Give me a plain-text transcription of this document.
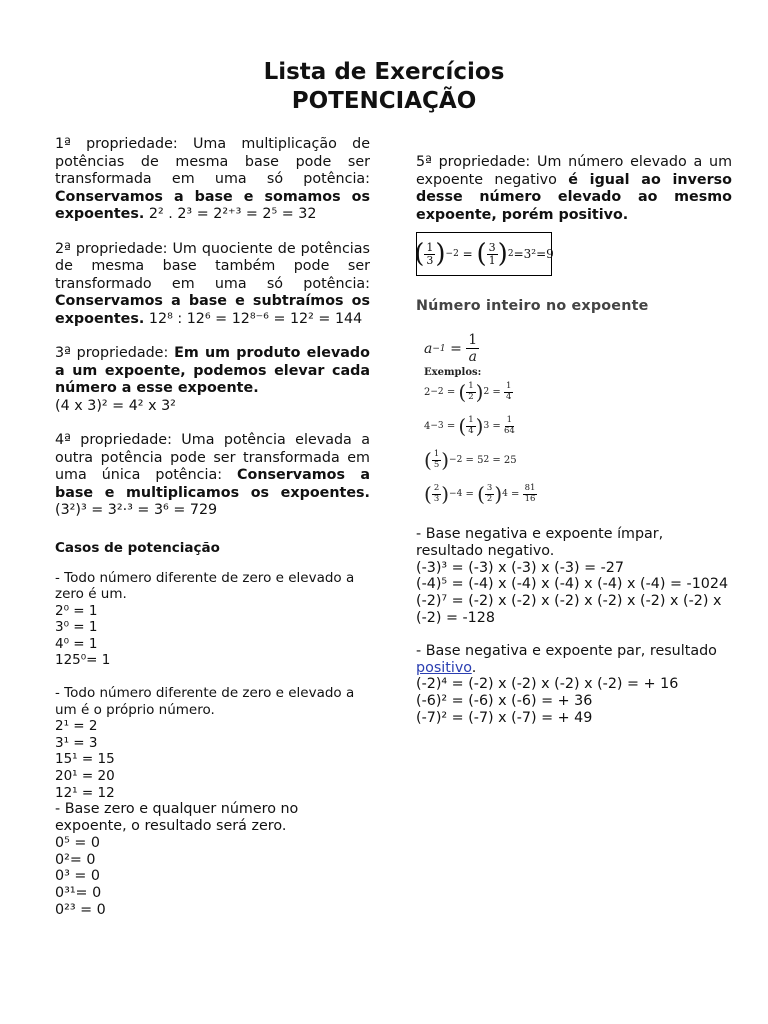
Lista de Exercícios
POTENCIAÇÃO

1ª propriedade: Uma multiplicação de potências de mesma base pode ser transformada em uma só potência: Conservamos a base e somamos os expoentes. 2² . 2³ = 2²⁺³ = 2⁵ = 32

2ª propriedade: Um quociente de potências de mesma base também pode ser transformado em uma só potência: Conservamos a base e subtraímos os expoentes. 12⁸ : 12⁶ = 12⁸⁻⁶ = 12² = 144

3ª propriedade: Em um produto elevado a um expoente, podemos elevar cada número a esse expoente.
(4 x 3)² = 4² x 3²

4ª propriedade: Uma potência elevada a outra potência pode ser transformada em uma única potência: Conservamos a base e multiplicamos os expoentes. (3²)³ = 3²·³ = 3⁶ = 729

Casos de potenciação

- Todo número diferente de zero e elevado a zero é um.

2⁰ = 1

3⁰ = 1

4⁰ = 1

125⁰= 1

- Todo número diferente de zero e elevado a um é o próprio número.

2¹ = 2

3¹ = 3

15¹ = 15

20¹ = 20

12¹ = 12

- Base zero e qualquer número no expoente, o resultado será zero.

0⁵ = 0

0²= 0

0³ = 0

0³¹= 0

0²³ = 0

5ª propriedade: Um número elevado a um expoente negativo é igual ao inverso desse número elevado ao mesmo expoente, porém positivo.

( $\frac{1}{3}$ ) −2 = ( $\frac{3}{1}$ ) 2 =3²=9

Número inteiro no expoente

$a -1 = \frac{1}{a}$
Exemplos:
2 −2 = ( $\frac{1}{2}$ ) $2 = \frac{1}{4}$
4 −3 = ( $\frac{1}{4}$ ) $3 = \frac{1}{64}$
( $\frac{1}{5}$ ) −2 = 5 2 = 25
( $\frac{2}{3}$ ) −4 = ( $\frac{3}{2}$ ) $4 = \frac{81}{16}$

- Base negativa e expoente ímpar, resultado negativo.

(-3)³ = (-3) x (-3) x (-3) = -27

(-4)⁵ = (-4) x (-4) x (-4) x (-4) x (-4) = -1024

(-2)⁷ = (-2) x (-2) x (-2) x (-2) x (-2) x (-2) x (-2) = -128

- Base negativa e expoente par, resultado positivo.

(-2)⁴ = (-2) x (-2) x (-2) x (-2) = + 16

(-6)² = (-6) x (-6) = + 36

(-7)² = (-7) x (-7) = + 49
